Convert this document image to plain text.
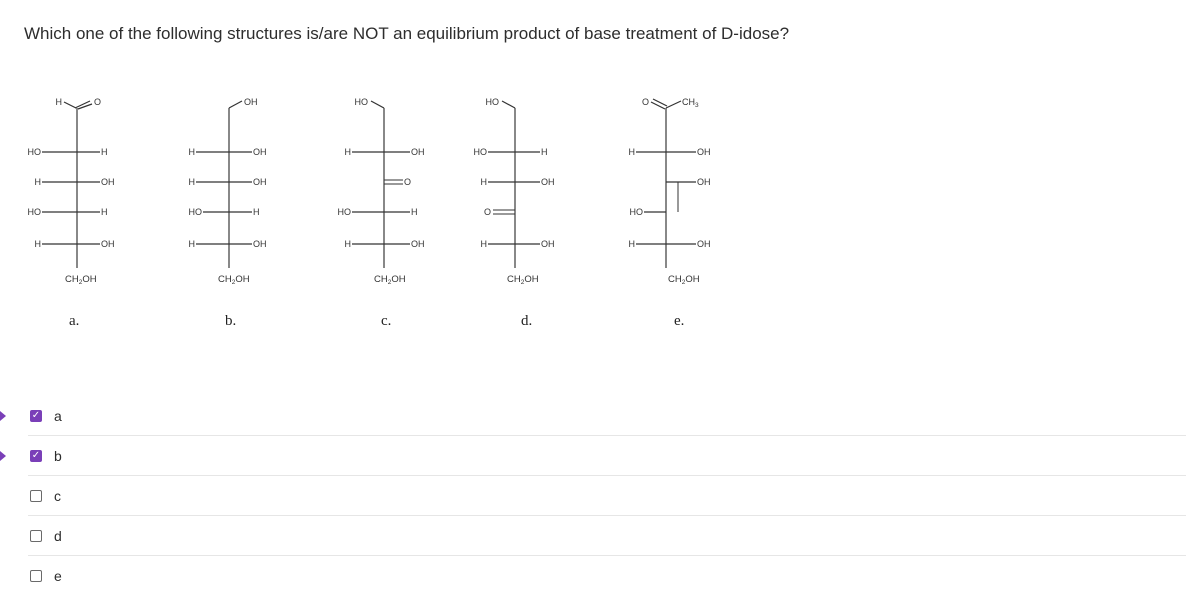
Which one of the following structures is/are NOT an equilibrium product of base treatment of D-idose?
H	O
HO	H
H	OH
HO	H
H	OH
$CH_2OH$
a.
OH
H	OH
H	OH
HO	H
H	OH
$CH_2OH$
b.
HO
H	OH
O
HO	H
H	OH
$CH_2OH$
c.
HO
HO	H
H	OH
O
H	OH
$CH_2OH$
d.
O	$CH_3$
H	OH
OH
HO
H	OH
$CH_2OH$
e.
✓ a
✓ b
c
d
e
